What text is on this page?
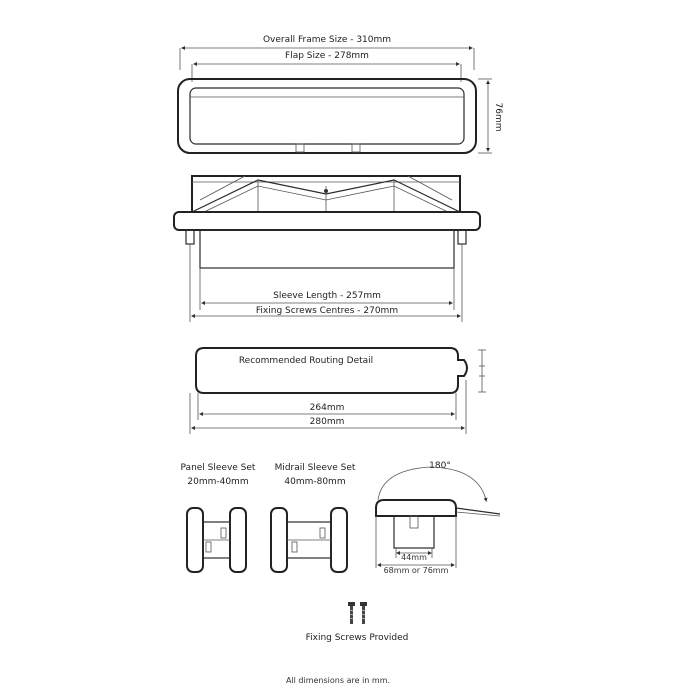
Overall Frame Size - 310mm
Flap Size - 278mm
76mm
Sleeve Length - 257mm
Fixing Screws Centres - 270mm
Recommended Routing Detail
264mm
280mm
Panel Sleeve Set
20mm-40mm
Midrail Sleeve Set
40mm-80mm
180°
44mm
68mm or 76mm
Fixing Screws Provided
All dimensions are in mm.
